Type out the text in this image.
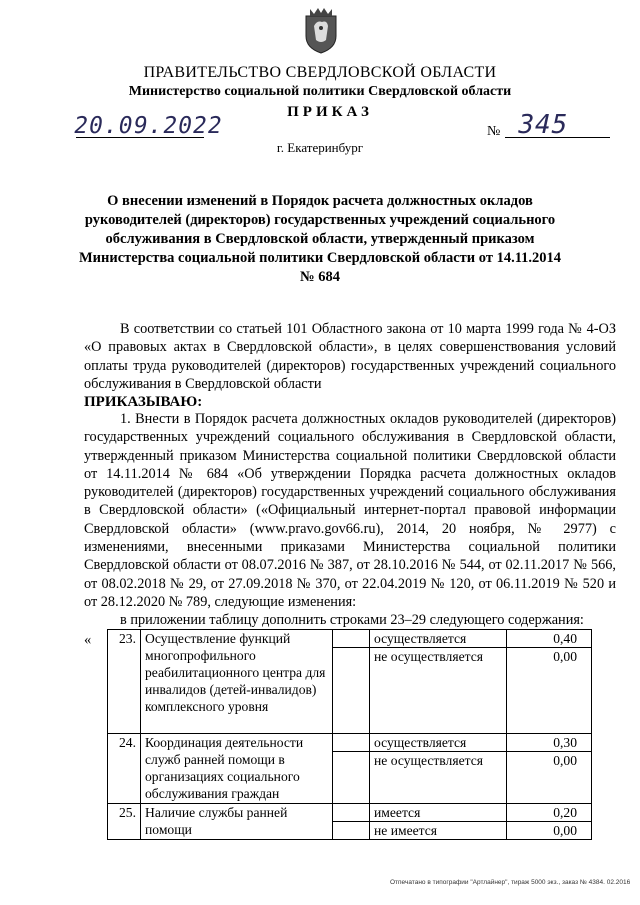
ПРАВИТЕЛЬСТВО СВЕРДЛОВСКОЙ ОБЛАСТИ
Министерство социальной политики Свердловской области
ПРИКАЗ
20.09.2022	№ 345
г. Екатеринбург
О внесении изменений в Порядок расчета должностных окладов руководителей (директоров) государственных учреждений социального обслуживания в Свердловской области, утвержденный приказом Министерства социальной политики Свердловской области от 14.11.2014 № 684
В соответствии со статьей 101 Областного закона от 10 марта 1999 года № 4-ОЗ «О правовых актах в Свердловской области», в целях совершенствования условий оплаты труда руководителей (директоров) государственных учреждений социального обслуживания в Свердловской области
ПРИКАЗЫВАЮ:
1. Внести в Порядок расчета должностных окладов руководителей (директоров) государственных учреждений социального обслуживания в Свердловской области, утвержденный приказом Министерства социальной политики Свердловской области от 14.11.2014 № 684 «Об утверждении Порядка расчета должностных окладов руководителей (директоров) государственных учреждений социального обслуживания в Свердловской области» («Официальный интернет-портал правовой информации Свердловской области» (www.pravo.gov66.ru), 2014, 20 ноября, № 2977) с изменениями, внесенными приказами Министерства социальной политики Свердловской области от 08.07.2016 № 387, от 28.10.2016 № 544, от 02.11.2017 № 566, от 08.02.2018 № 29, от 27.09.2018 № 370, от 22.04.2019 № 120, от 06.11.2019 № 520 и от 28.12.2020 № 789, следующие изменения:
в приложении таблицу дополнить строками 23–29 следующего содержания:
« 23.	Осуществление функций многопрофильного реабилитационного центра для инвалидов (детей-инвалидов) комплексного уровня		осуществляется	0,40
			не осуществляется	0,00
24.	Координация деятельности служб ранней помощи в организациях социального обслуживания граждан		осуществляется	0,30
			не осуществляется	0,00
25.	Наличие службы ранней помощи		имеется	0,20
			не имеется	0,00
Отпечатано в типографии "Артлайнер", тираж 5000 экз., заказ № 4384. 02.2016
